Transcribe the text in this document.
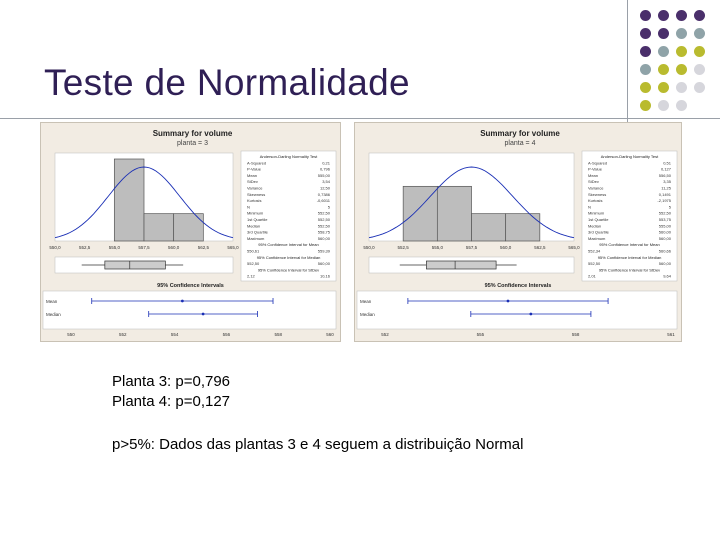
Teste de Normalidade
Summary for volume
planta = 3
550,0	552,5	555,0	557,5	560,0	562,5	565,0
95% Confidence Intervals
Mean
Median
550	552	554	556	558	560
Anderson-Darling Normality Test
A-Squared	0,21
P-Value	0,796
Mean	555,00
StDev	3,54
Variance	12,50
Skewness	0,7386
Kurtosis	-0,6011
N	5
Minimum	552,50
1st Quartile	552,50
Median	552,50
3rd Quartile	558,75
Maximum	560,00
95% Confidence Interval for Mean
550,61	559,39
95% Confidence Interval for Median
552,50	560,00
95% Confidence Interval for StDev
2,12	10,16
Summary for volume
planta = 4
550,0	552,5	555,0	557,5	560,0	562,5	565,0
95% Confidence Intervals
Mean
Median
552	555	558	561
Anderson-Darling Normality Test
A-Squared	0,51
P-Value	0,127
Mean	556,50
StDev	3,35
Variance	11,25
Skewness	0,1491
Kurtosis	-2,1975
N	5
Minimum	552,50
1st Quartile	553,75
Median	555,00
3rd Quartile	560,00
Maximum	560,00
95% Confidence Interval for Mean
552,34	560,66
95% Confidence Interval for Median
552,50	560,00
95% Confidence Interval for StDev
2,01	9,64
Planta 3: p=0,796
Planta 4: p=0,127
p>5%: Dados das plantas 3 e 4 seguem a distribuição Normal
